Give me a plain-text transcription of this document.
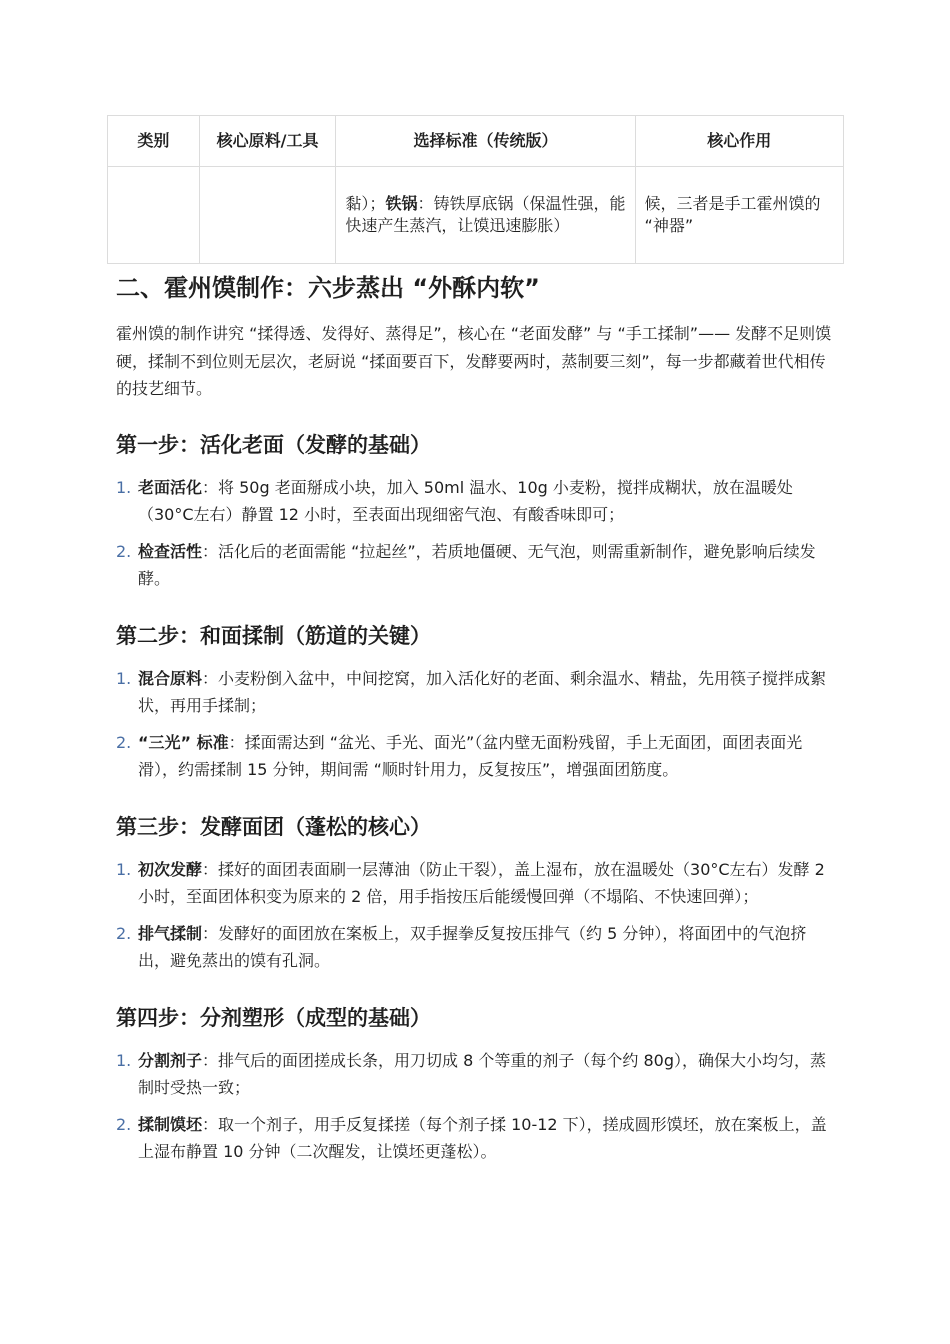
类别	核心原料/工具	选择标准（传统版）	核心作用
		黏）；铁锅：铸铁厚底锅（保温性强，能快速产生蒸汽，让馍迅速膨胀）	候，三者是手工霍州馍的 “神器”
二、霍州馍制作：六步蒸出 “外酥内软”

霍州馍的制作讲究 “揉得透、发得好、蒸得足”，核心在 “老面发酵” 与 “手工揉制”—— 发酵不足则馍硬，揉制不到位则无层次，老厨说 “揉面要百下，发酵要两时，蒸制要三刻”，每一步都藏着世代相传的技艺细节。

第一步：活化老面（发酵的基础）
1. 老面活化：将 50g 老面掰成小块，加入 50ml 温水、10g 小麦粉，搅拌成糊状，放在温暖处（30°C左右）静置 12 小时，至表面出现细密气泡、有酸香味即可；
2. 检查活性：活化后的老面需能 “拉起丝”，若质地僵硬、无气泡，则需重新制作，避免影响后续发酵。
第二步：和面揉制（筋道的关键）
1. 混合原料：小麦粉倒入盆中，中间挖窝，加入活化好的老面、剩余温水、精盐，先用筷子搅拌成絮状，再用手揉制；
2. “三光” 标准：揉面需达到 “盆光、手光、面光”（盆内壁无面粉残留，手上无面团，面团表面光滑），约需揉制 15 分钟，期间需 “顺时针用力，反复按压”，增强面团筋度。
第三步：发酵面团（蓬松的核心）
1. 初次发酵：揉好的面团表面刷一层薄油（防止干裂），盖上湿布，放在温暖处（30°C左右）发酵 2 小时，至面团体积变为原来的 2 倍，用手指按压后能缓慢回弹（不塌陷、不快速回弹）；
2. 排气揉制：发酵好的面团放在案板上，双手握拳反复按压排气（约 5 分钟），将面团中的气泡挤出，避免蒸出的馍有孔洞。
第四步：分剂塑形（成型的基础）
1. 分割剂子：排气后的面团搓成长条，用刀切成 8 个等重的剂子（每个约 80g），确保大小均匀，蒸制时受热一致；
2. 揉制馍坯：取一个剂子，用手反复揉搓（每个剂子揉 10-12 下），搓成圆形馍坯，放在案板上，盖上湿布静置 10 分钟（二次醒发，让馍坯更蓬松）。
